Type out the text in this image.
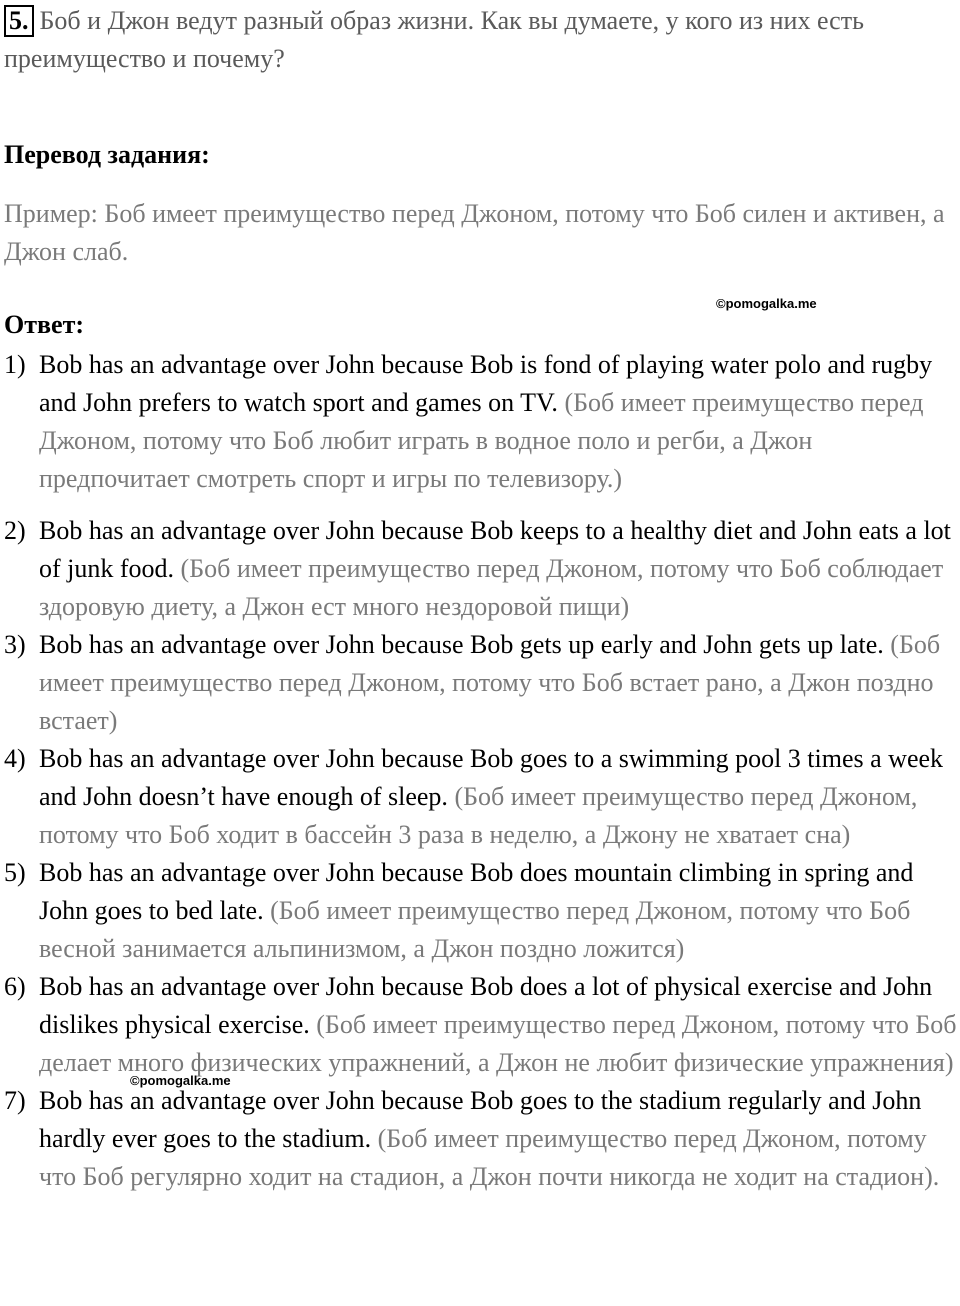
5. Боб и Джон ведут разный образ жизни. Как вы думаете, у кого из них есть преимущество и почему?

Перевод задания:

Пример: Боб имеет преимущество перед Джоном, потому что Боб силен и активен, а Джон слаб.

©pomogalka.me

Ответ:

1) Bob has an advantage over John because Bob is fond of playing water polo and rugby and John prefers to watch sport and games on TV. (Боб имеет преимущество перед Джоном, потому что Боб любит играть в водное поло и регби, а Джон предпочитает смотреть спорт и игры по телевизору.)
2) Bob has an advantage over John because Bob keeps to a healthy diet and John eats a lot of junk food. (Боб имеет преимущество перед Джоном, потому что Боб соблюдает здоровую диету, а Джон ест много нездоровой пищи)
3) Bob has an advantage over John because Bob gets up early and John gets up late. (Боб имеет преимущество перед Джоном, потому что Боб встает рано, а Джон поздно встает)
4) Bob has an advantage over John because Bob goes to a swimming pool 3 times a week and John doesn’t have enough of sleep. (Боб имеет преимущество перед Джоном, потому что Боб ходит в бассейн 3 раза в неделю, а Джону не хватает сна)
5) Bob has an advantage over John because Bob does mountain climbing in spring and John goes to bed late. (Боб имеет преимущество перед Джоном, потому что Боб весной занимается альпинизмом, а Джон поздно ложится)
6) Bob has an advantage over John because Bob does a lot of physical exercise and John dislikes physical exercise. (Боб имеет преимущество перед Джоном, потому что Боб делает много физических упражнений, а Джон не любит физические упражнения)
7) Bob has an advantage over John because Bob goes to the stadium regularly and John hardly ever goes to the stadium. (Боб имеет преимущество перед Джоном, потому что Боб регулярно ходит на стадион, а Джон почти никогда не ходит на стадион).
©pomogalka.me
